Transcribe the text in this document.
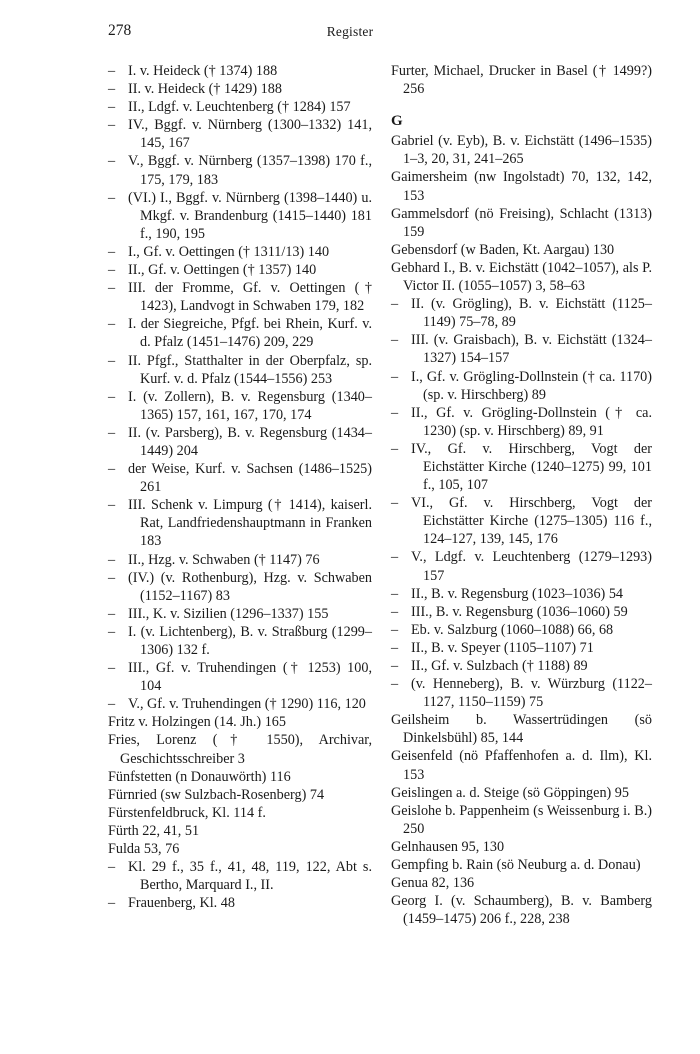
278	Register
– I. v. Heideck († 1374) 188
– II. v. Heideck († 1429) 188
– II., Ldgf. v. Leuchtenberg († 1284) 157
– IV., Bggf. v. Nürnberg (1300–1332) 141, 145, 167
– V., Bggf. v. Nürnberg (1357–1398) 170 f., 175, 179, 183
– (VI.) I., Bggf. v. Nürnberg (1398–1440) u. Mkgf. v. Brandenburg (1415–1440) 181 f., 190, 195
– I., Gf. v. Oettingen († 1311/13) 140
– II., Gf. v. Oettingen († 1357) 140
– III. der Fromme, Gf. v. Oettingen († 1423), Landvogt in Schwaben 179, 182
– I. der Siegreiche, Pfgf. bei Rhein, Kurf. v. d. Pfalz (1451–1476) 209, 229
– II. Pfgf., Statthalter in der Oberpfalz, sp. Kurf. v. d. Pfalz (1544–1556) 253
– I. (v. Zollern), B. v. Regensburg (1340–1365) 157, 161, 167, 170, 174
– II. (v. Parsberg), B. v. Regensburg (1434–1449) 204
– der Weise, Kurf. v. Sachsen (1486–1525) 261
– III. Schenk v. Limpurg († 1414), kaiserl. Rat, Landfriedenshauptmann in Franken 183
– II., Hzg. v. Schwaben († 1147) 76
– (IV.) (v. Rothenburg), Hzg. v. Schwaben (1152–1167) 83
– III., K. v. Sizilien (1296–1337) 155
– I. (v. Lichtenberg), B. v. Straßburg (1299–1306) 132 f.
– III., Gf. v. Truhendingen († 1253) 100, 104
– V., Gf. v. Truhendingen († 1290) 116, 120
Fritz v. Holzingen (14. Jh.) 165
Fries, Lorenz († 1550), Archivar, Geschichtsschreiber 3
Fünfstetten (n Donauwörth) 116
Fürnried (sw Sulzbach-Rosenberg) 74
Fürstenfeldbruck, Kl. 114 f.
Fürth 22, 41, 51
Fulda 53, 76
– Kl. 29 f., 35 f., 41, 48, 119, 122, Abt s. Bertho, Marquard I., II.
– Frauenberg, Kl. 48
Furter, Michael, Drucker in Basel († 1499?) 256
G
Gabriel (v. Eyb), B. v. Eichstätt (1496–1535) 1–3, 20, 31, 241–265
Gaimersheim (nw Ingolstadt) 70, 132, 142, 153
Gammelsdorf (nö Freising), Schlacht (1313) 159
Gebensdorf (w Baden, Kt. Aargau) 130
Gebhard I., B. v. Eichstätt (1042–1057), als P. Victor II. (1055–1057) 3, 58–63
– II. (v. Grögling), B. v. Eichstätt (1125–1149) 75–78, 89
– III. (v. Graisbach), B. v. Eichstätt (1324–1327) 154–157
– I., Gf. v. Grögling-Dollnstein († ca. 1170) (sp. v. Hirschberg) 89
– II., Gf. v. Grögling-Dollnstein († ca. 1230) (sp. v. Hirschberg) 89, 91
– IV., Gf. v. Hirschberg, Vogt der Eichstätter Kirche (1240–1275) 99, 101 f., 105, 107
– VI., Gf. v. Hirschberg, Vogt der Eichstätter Kirche (1275–1305) 116 f., 124–127, 139, 145, 176
– V., Ldgf. v. Leuchtenberg (1279–1293) 157
– II., B. v. Regensburg (1023–1036) 54
– III., B. v. Regensburg (1036–1060) 59
– Eb. v. Salzburg (1060–1088) 66, 68
– II., B. v. Speyer (1105–1107) 71
– II., Gf. v. Sulzbach († 1188) 89
– (v. Henneberg), B. v. Würzburg (1122–1127, 1150–1159) 75
Geilsheim b. Wassertrüdingen (sö Dinkelsbühl) 85, 144
Geisenfeld (nö Pfaffenhofen a. d. Ilm), Kl. 153
Geislingen a. d. Steige (sö Göppingen) 95
Geislohe b. Pappenheim (s Weissenburg i. B.) 250
Gelnhausen 95, 130
Gempfing b. Rain (sö Neuburg a. d. Donau)
Genua 82, 136
Georg I. (v. Schaumberg), B. v. Bamberg (1459–1475) 206 f., 228, 238
